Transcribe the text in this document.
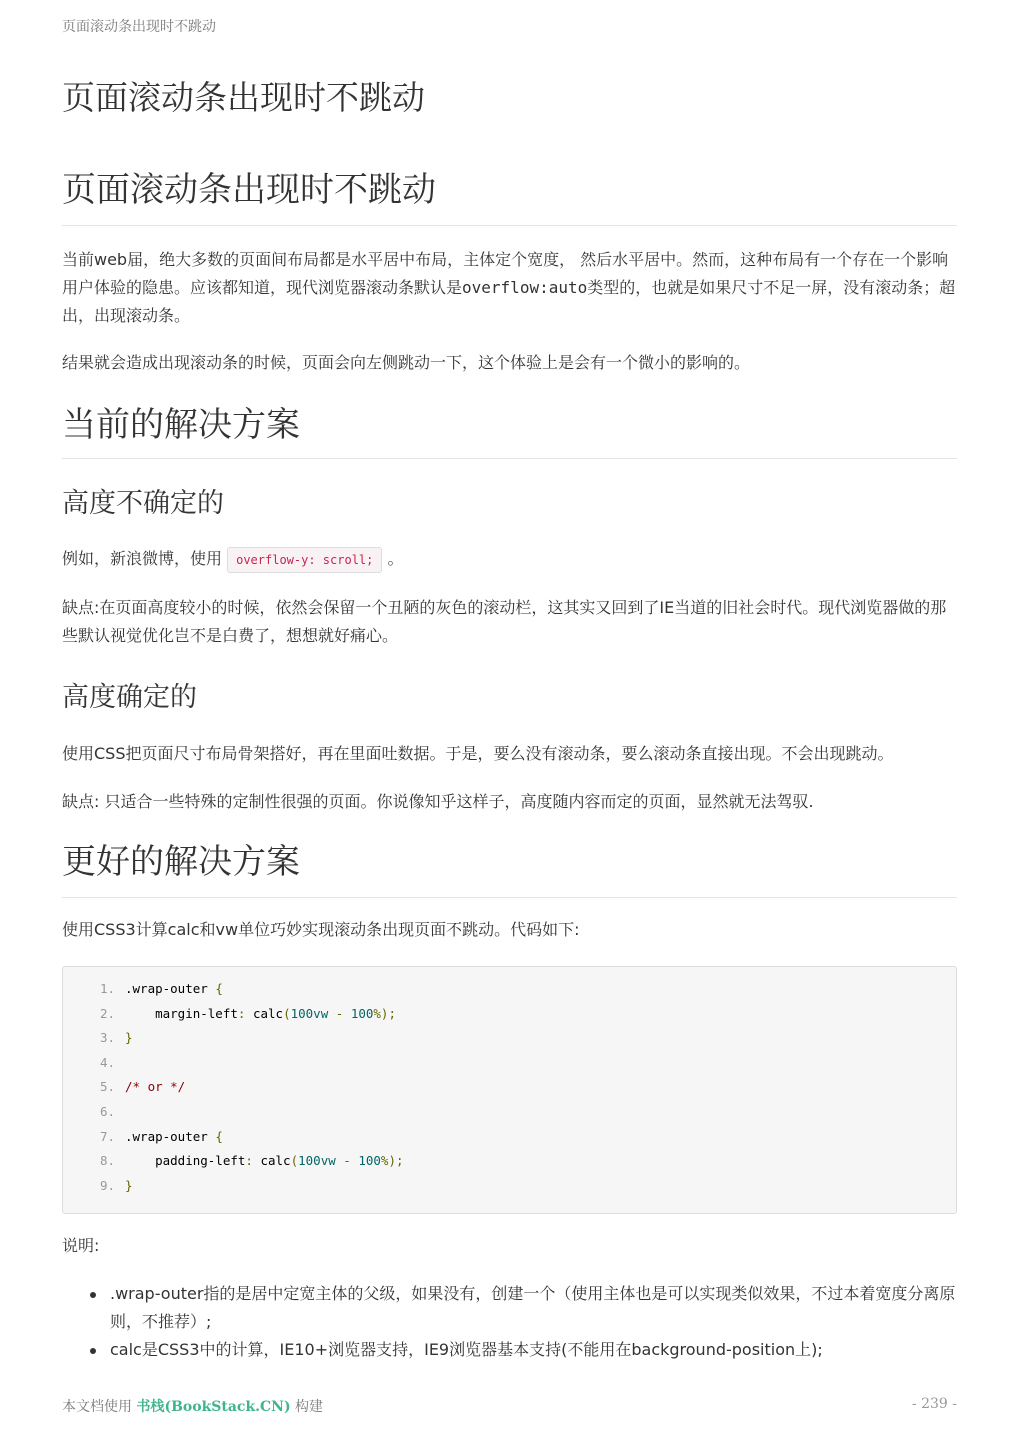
页面滚动条出现时不跳动
页面滚动条出现时不跳动
页面滚动条出现时不跳动

当前web届，绝大多数的页面间布局都是水平居中布局，主体定个宽度， 然后水平居中。然而，这种布局有一个存在一个影响用户体验的隐患。应该都知道，现代浏览器滚动条默认是overflow:auto类型的，也就是如果尺寸不足一屏，没有滚动条；超出，出现滚动条。

结果就会造成出现滚动条的时候，页面会向左侧跳动一下，这个体验上是会有一个微小的影响的。

当前的解决方案
高度不确定的

例如，新浪微博，使用 overflow-y: scroll; 。

缺点:在页面高度较小的时候，依然会保留一个丑陋的灰色的滚动栏，这其实又回到了IE当道的旧社会时代。现代浏览器做的那些默认视觉优化岂不是白费了，想想就好痛心。

高度确定的

使用CSS把页面尺寸布局骨架搭好，再在里面吐数据。于是，要么没有滚动条，要么滚动条直接出现。不会出现跳动。

缺点: 只适合一些特殊的定制性很强的页面。你说像知乎这样子，高度随内容而定的页面，显然就无法驾驭.

更好的解决方案

使用CSS3计算calc和vw单位巧妙实现滚动条出现页面不跳动。代码如下:

1. .wrap-outer {
2.    margin-left: calc(100vw - 100%);
3. }
4.
5. /* or */
6.
7. .wrap-outer {
8.    padding-left: calc(100vw - 100%);
9. }

说明:

.wrap-outer指的是居中定宽主体的父级，如果没有，创建一个（使用主体也是可以实现类似效果，不过本着宽度分离原则，不推荐）;
calc是CSS3中的计算，IE10+浏览器支持，IE9浏览器基本支持(不能用在background-position上);
本文档使用 书栈(BookStack.CN) 构建	- 239 -
